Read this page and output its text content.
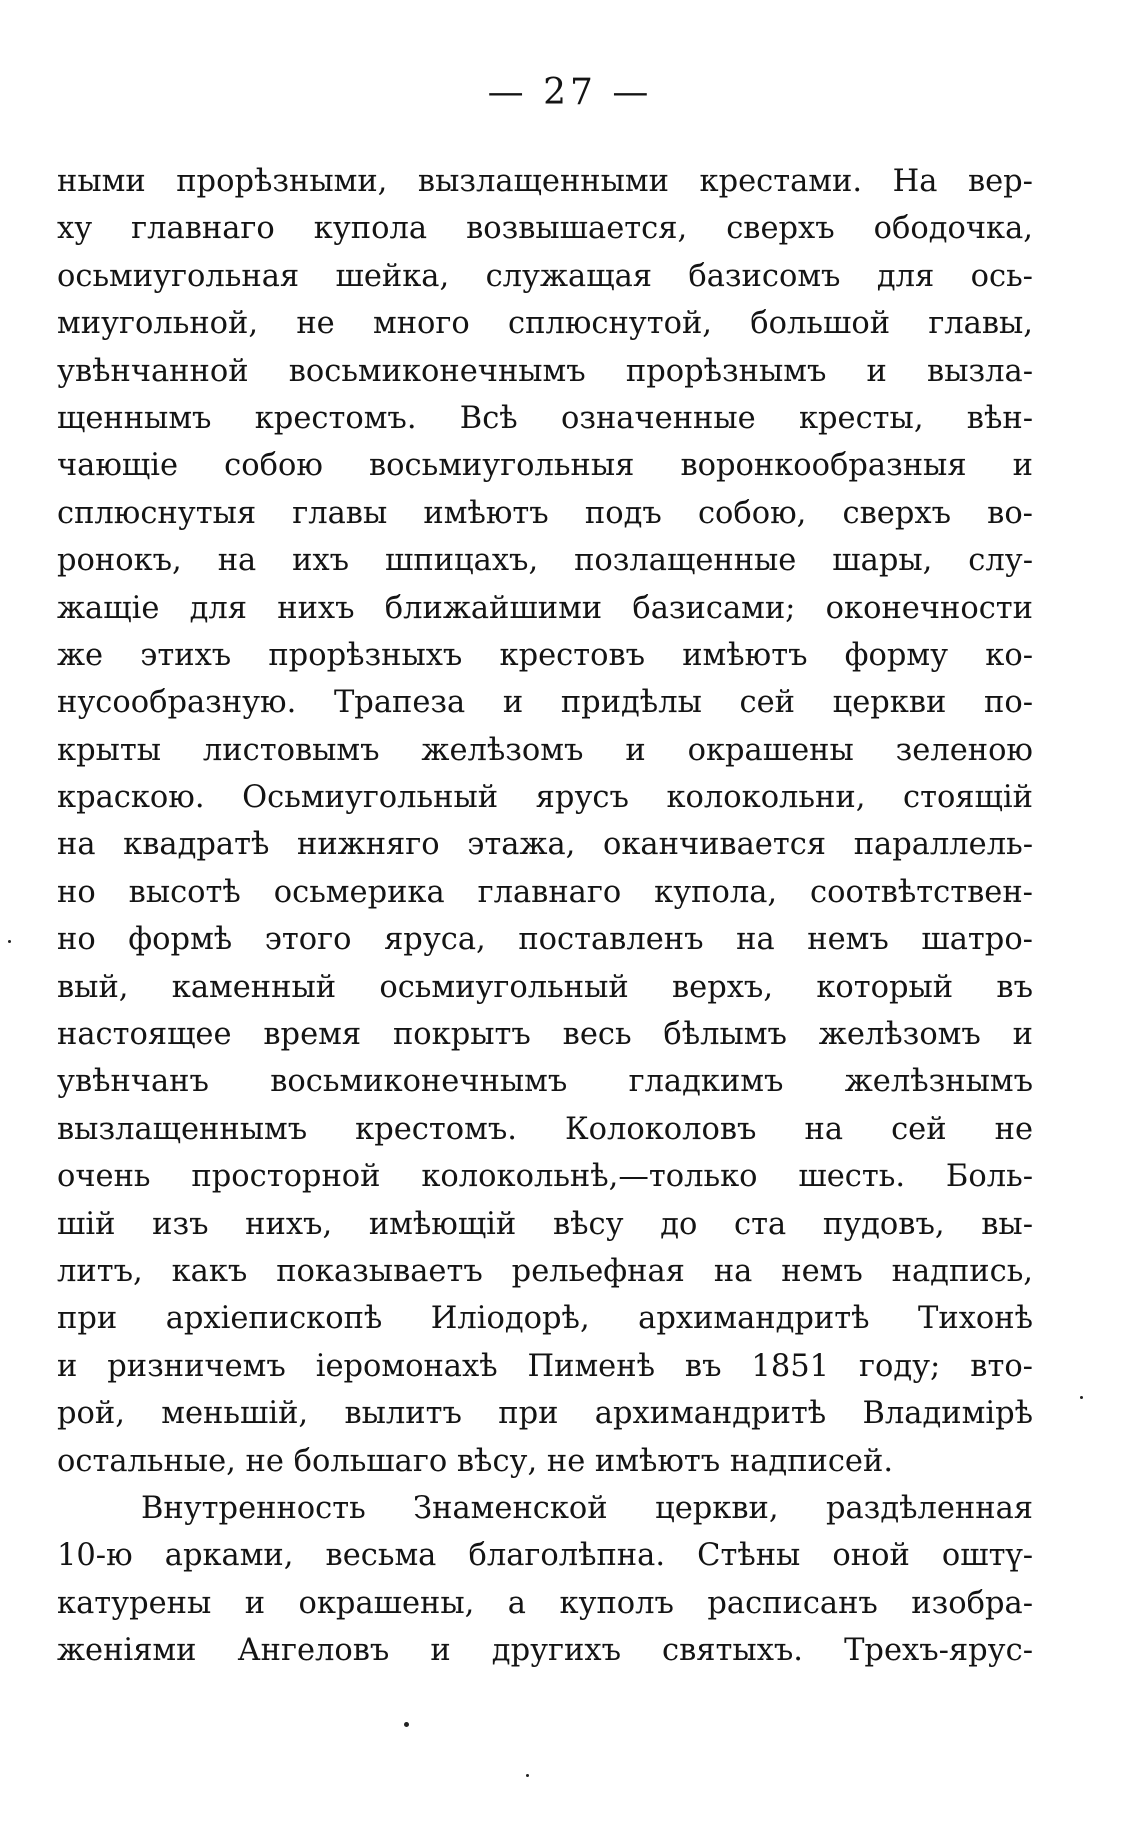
— 27 —
ными прорѣзными, вызлащенными крестами. На вер-
ху главнаго купола возвышается, сверхъ ободочка,
осьмиугольная шейка, служащая базисомъ для ось-
миугольной, не много сплюснутой, большой главы,
увѣнчанной восьмиконечнымъ прорѣзнымъ и вызла-
щеннымъ крестомъ. Всѣ означенные кресты, вѣн-
чающіе собою восьмиугольныя воронкообразныя и
сплюснутыя главы имѣютъ подъ собою, сверхъ во-
ронокъ, на ихъ шпицахъ, позлащенные шары, слу-
жащіе для нихъ ближайшими базисами; оконечности
же этихъ прорѣзныхъ крестовъ имѣютъ форму ко-
нусообразную. Трапеза и придѣлы сей церкви по-
крыты листовымъ желѣзомъ и окрашены зеленою
краскою. Осьмиугольный ярусъ колокольни, стоящій
на квадратѣ нижняго этажа, оканчивается параллель-
но высотѣ осьмерика главнаго купола, соотвѣтствен-
но формѣ этого яруса, поставленъ на немъ шатро-
вый, каменный осьмиугольный верхъ, который въ
настоящее время покрытъ весь бѣлымъ желѣзомъ и
увѣнчанъ восьмиконечнымъ гладкимъ желѣзнымъ
вызлащеннымъ крестомъ. Колоколовъ на сей не
очень просторной колокольнѣ,—только шесть. Боль-
шій изъ нихъ, имѣющій вѣсу до ста пудовъ, вы-
литъ, какъ показываетъ рельефная на немъ надпись,
при архіепископѣ Иліодорѣ, архимандритѣ Тихонѣ
и ризничемъ іеромонахѣ Пименѣ въ 1851 году; вто-
рой, меньшій, вылитъ при архимандритѣ Владимірѣ
остальные, не большаго вѣсу, не имѣютъ надписей.
Внутренность Знаменской церкви, раздѣленная
10-ю арками, весьма благолѣпна. Стѣны оной оштү-
катурены и окрашены, а куполъ расписанъ изобра-
женіями Ангеловъ и другихъ святыхъ. Трехъ-ярус-
